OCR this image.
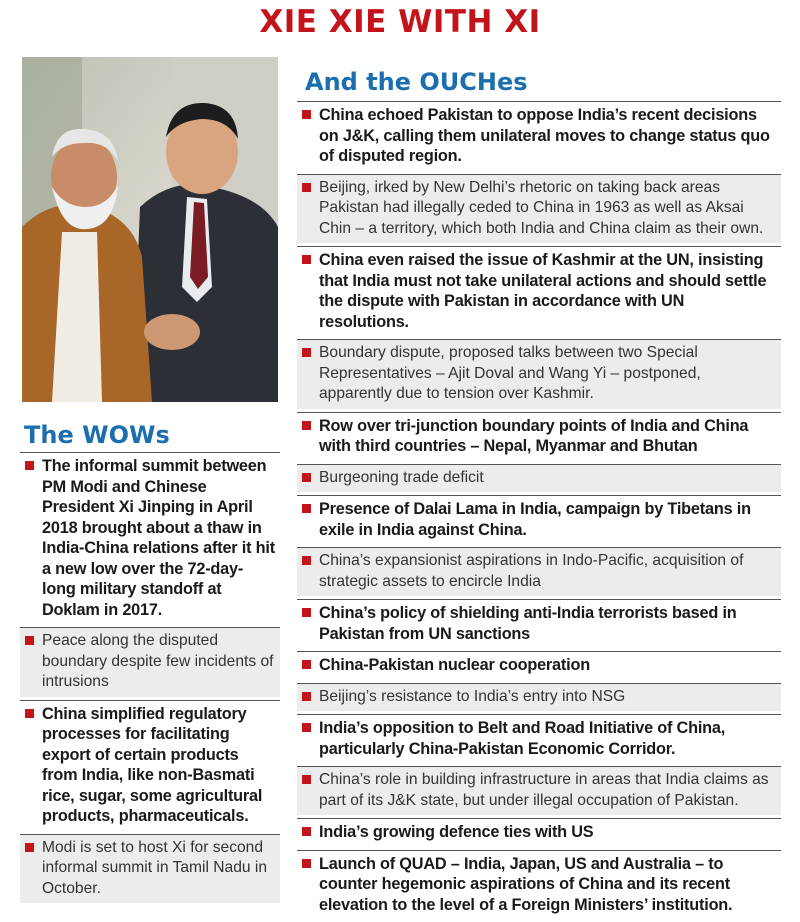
XIE XIE WITH XI
And the OUCHes
China echoed Pakistan to oppose India’s recent decisions on J&K, calling them unilateral moves to change status quo of disputed region.
Beijing, irked by New Delhi’s rhetoric on taking back areas Pakistan had illegally ceded to China in 1963 as well as Aksai Chin – a territory, which both India and China claim as their own.
China even raised the issue of Kashmir at the UN, insisting that India must not take unilateral actions and should settle the dispute with Pakistan in accordance with UN resolutions.
Boundary dispute, proposed talks between two Special Representatives – Ajit Doval and Wang Yi – postponed, apparently due to tension over Kashmir.
Row over tri-junction boundary points of India and China with third countries – Nepal, Myanmar and Bhutan
Burgeoning trade deficit
Presence of Dalai Lama in India, campaign by Tibetans in exile in India against China.
China’s expansionist aspirations in Indo-Pacific, acquisition of strategic assets to encircle India
China’s policy of shielding anti-India terrorists based in Pakistan from UN sanctions
China-Pakistan nuclear cooperation
Beijing’s resistance to India’s entry into NSG
India’s opposition to Belt and Road Initiative of China, particularly China-Pakistan Economic Corridor.
China’s role in building infrastructure in areas that India claims as part of its J&K state, but under illegal occupation of Pakistan.
India’s growing defence ties with US
Launch of QUAD – India, Japan, US and Australia – to counter hegemonic aspirations of China and its recent elevation to the level of a Foreign Ministers’ institution.
The WOWs
The informal summit between PM Modi and Chinese President Xi Jinping in April 2018 brought about a thaw in India-China relations after it hit a new low over the 72-day-long military standoff at Doklam in 2017.
Peace along the disputed boundary despite few incidents of intrusions
China simplified regulatory processes for facilitating export of certain products from India, like non-Basmati rice, sugar, some agricultural products, pharmaceuticals.
Modi is set to host Xi for second informal summit in Tamil Nadu in October.
